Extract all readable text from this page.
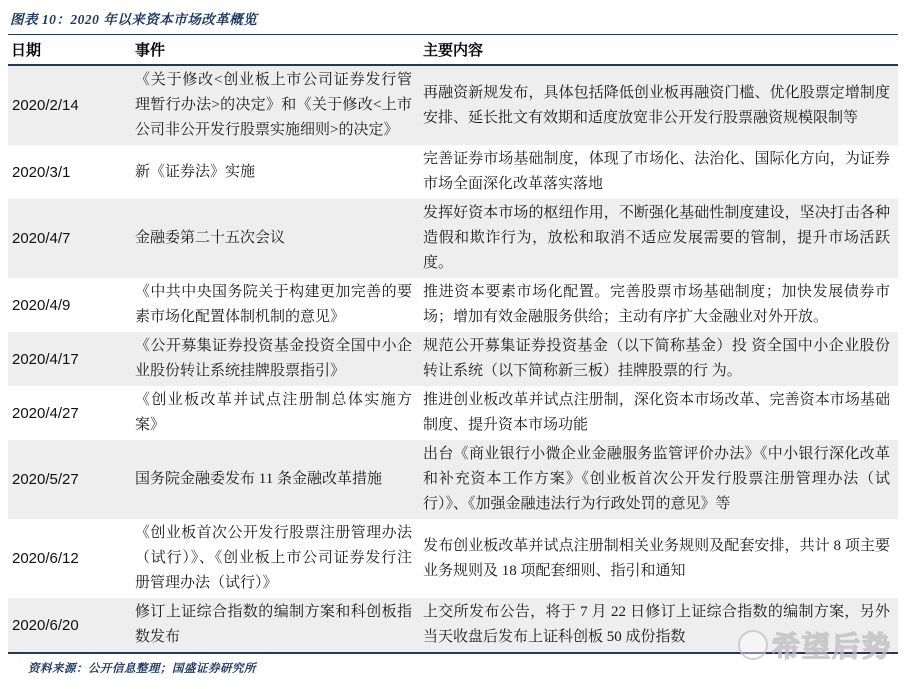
图表 10：2020 年以来资本市场改革概览
日期	事件	主要内容
2020/2/14	《关于修改<创业板上市公司证券发行管理暂行办法>的决定》和《关于修改<上市公司非公开发行股票实施细则>的决定》	再融资新规发布，具体包括降低创业板再融资门槛、优化股票定增制度安排、延长批文有效期和适度放宽非公开发行股票融资规模限制等
2020/3/1	新《证券法》实施	完善证券市场基础制度，体现了市场化、法治化、国际化方向，为证券市场全面深化改革落实落地
2020/4/7	金融委第二十五次会议	发挥好资本市场的枢纽作用，不断强化基础性制度建设，坚决打击各种造假和欺诈行为，放松和取消不适应发展需要的管制，提升市场活跃度。
2020/4/9	《中共中央国务院关于构建更加完善的要素市场化配置体制机制的意见》	推进资本要素市场化配置。完善股票市场基础制度；加快发展债券市场；增加有效金融服务供给；主动有序扩大金融业对外开放。
2020/4/17	《公开募集证券投资基金投资全国中小企业股份转让系统挂牌股票指引》	规范公开募集证券投资基金（以下简称基金）投 资全国中小企业股份转让系统（以下简称新三板）挂牌股票的行 为。
2020/4/27	《创业板改革并试点注册制总体实施方案》	推进创业板改革并试点注册制，深化资本市场改革、完善资本市场基础制度、提升资本市场功能
2020/5/27	国务院金融委发布 11 条金融改革措施	出台《商业银行小微企业金融服务监管评价办法》《中小银行深化改革和补充资本工作方案》《创业板首次公开发行股票注册管理办法（试行）》、《加强金融违法行为行政处罚的意见》等
2020/6/12	《创业板首次公开发行股票注册管理办法（试行）》、《创业板上市公司证券发行注册管理办法（试行）》	发布创业板改革并试点注册制相关业务规则及配套安排，共计 8 项主要业务规则及 18 项配套细则、指引和通知
2020/6/20	修订上证综合指数的编制方案和科创板指数发布	上交所发布公告，将于 7 月 22 日修订上证综合指数的编制方案，另外当天收盘后发布上证科创板 50 成份指数
资料来源：公开信息整理；国盛证券研究所
希望后势
